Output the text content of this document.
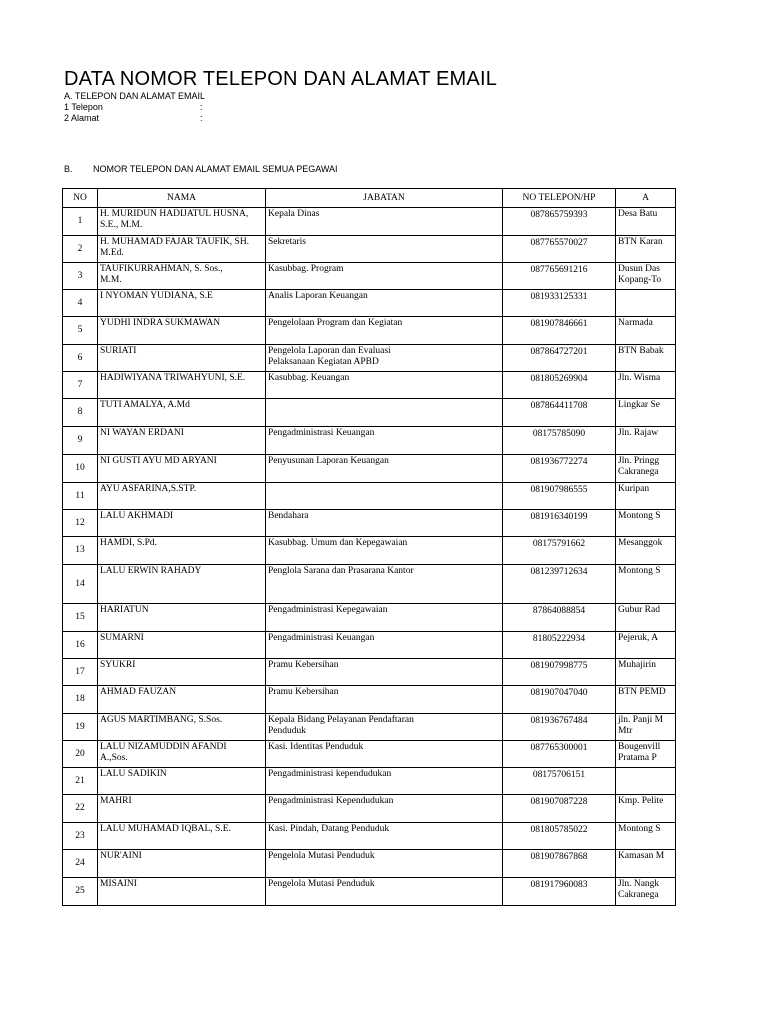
DATA NOMOR TELEPON DAN ALAMAT EMAIL
A. TELEPON DAN ALAMAT EMAIL
1 Telepon	:
2 Alamat	:
B. NOMOR TELEPON DAN ALAMAT EMAIL SEMUA PEGAWAI
NO	NAMA	JABATAN	NO TELEPON/HP	A
1	H. MURIDUN HADIJATUL HUSNA,
S.E., M.M.	Kepala Dinas	087865759393	Desa Batu
2	H. MUHAMAD FAJAR TAUFIK, SH.
M.Ed.	Sekretaris	087765570027	BTN Karan
3	TAUFIKURRAHMAN, S. Sos.,
M.M.	Kasubbag. Program	087765691216	Dusun Das
Kopang-To
4	I NYOMAN YUDIANA, S.E	Analis Laporan Keuangan	081933125331	
5	YUDHI INDRA SUKMAWAN	Pengelolaan Program dan Kegiatan	081907846661	Narmada
6	SURIATI	Pengelola Laporan dan Evaluasi
Pelaksanaan Kegiatan APBD	087864727201	BTN Babak
7	HADIWIYANA TRIWAHYUNI, S.E.	Kasubbag. Keuangan	081805269904	Jln. Wisma
8	TUTI AMALYA, A.Md		087864411708	Lingkar Se
9	NI WAYAN ERDANI	Pengadministrasi Keuangan	08175785090	Jln. Rajaw
10	NI GUSTI AYU MD ARYANI	Penyusunan Laporan Keuangan	081936772274	Jln. Pringg
Cakranega
11	AYU ASFARINA,S.STP.		081907986555	Kuripan
12	LALU AKHMADI	Bendahara	081916340199	Montong S
13	HAMDI, S.Pd.	Kasubbag. Umum dan Kepegawaian	08175791662	Mesanggok
14	LALU ERWIN RAHADY	Penglola Sarana dan Prasarana Kantor	081239712634	Montong S
15	HARIATUN	Pengadministrasi Kepegawaian	87864088854	Gubur Rad
16	SUMARNI	Pengadministrasi Keuangan	81805222934	Pejeruk, A
17	SYUKRI	Pramu Kebersihan	081907998775	Muhajirin
18	AHMAD FAUZAN	Pramu Kebersihan	081907047040	BTN PEMD
19	AGUS MARTIMBANG, S.Sos.	Kepala Bidang Pelayanan Pendaftaran
Penduduk	081936767484	jln. Panji M
Mtr
20	LALU NIZAMUDDIN AFANDI
A.,Sos.	Kasi. Identitas Penduduk	087765300001	Bougenvill
Pratama P
21	LALU SADIKIN	Pengadministrasi kependudukan	08175706151	
22	MAHRI	Pengadministrasi Kependudukan	081907087228	Kmp. Pelite
23	LALU MUHAMAD IQBAL, S.E.	Kasi. Pindah, Datang Penduduk	081805785022	Montong S
24	NUR'AINI	Pengelola Mutasi Penduduk	081907867868	Kamasan M
25	MISAINI	Pengelola Mutasi Penduduk	081917960083	Jln. Nangk
Cakranega
